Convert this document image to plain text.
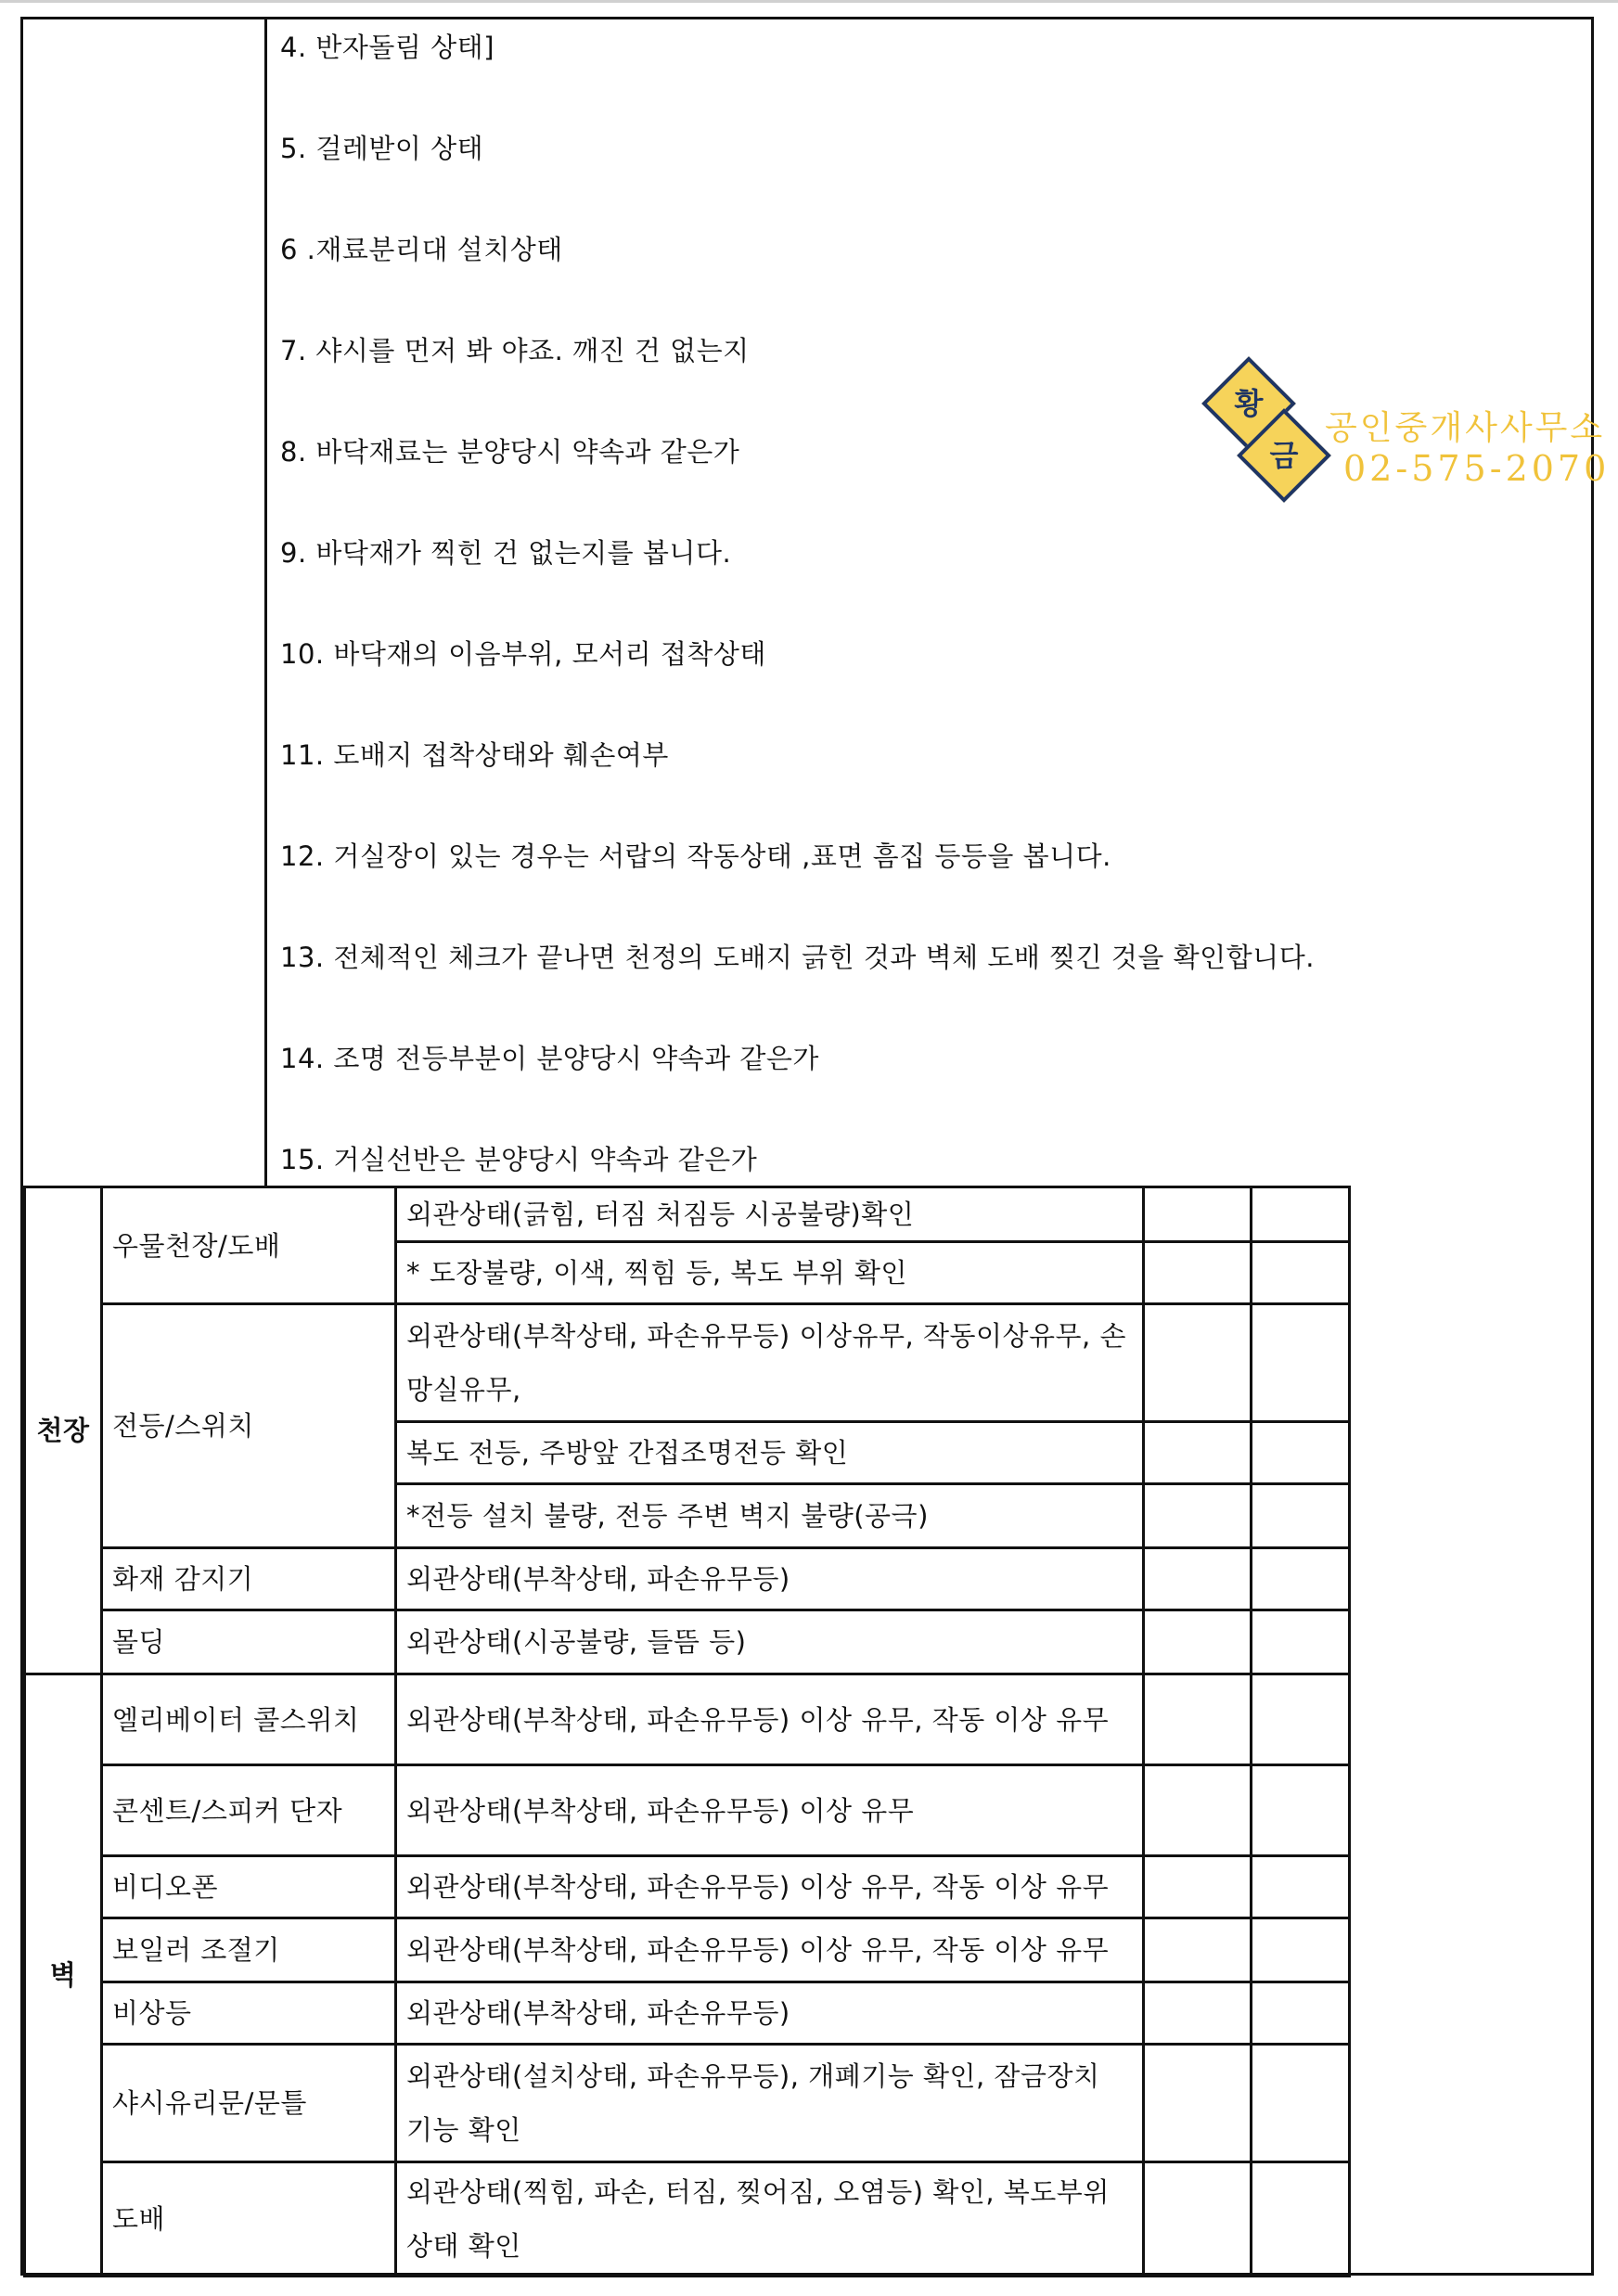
4. 반자돌림 상태]
5. 걸레받이 상태
6 .재료분리대 설치상태
7. 샤시를 먼저 봐 야죠. 깨진 건 없는지
8. 바닥재료는 분양당시 약속과 같은가
9. 바닥재가 찍힌 건 없는지를 봅니다.
10. 바닥재의 이음부위, 모서리 접착상태
11. 도배지 접착상태와 훼손여부
12. 거실장이 있는 경우는 서랍의 작동상태 ,표면 흠집 등등을 봅니다.
13. 전체적인 체크가 끝나면 천정의 도배지 긁힌 것과 벽체 도배 찢긴 것을 확인합니다.
14. 조명 전등부분이 분양당시 약속과 같은가
15. 거실선반은 분양당시 약속과 같은가
황
금
공인중개사사무소
02-575-2070
천장	우물천장/도배	외관상태(긁힘, 터짐 처짐등 시공불량)확인			
		* 도장불량, 이색, 찍힘 등, 복도 부위 확인			
	전등/스위치	외관상태(부착상태, 파손유무등) 이상유무, 작동이상유무, 손망실유무,			
		복도 전등, 주방앞 간접조명전등 확인			
		*전등 설치 불량, 전등 주변 벽지 불량(공극)			
	화재 감지기	외관상태(부착상태, 파손유무등)			
	몰딩	외관상태(시공불량, 들뜸 등)			
벽	엘리베이터 콜스위치	외관상태(부착상태, 파손유무등) 이상 유무, 작동 이상 유무			
	콘센트/스피커 단자	외관상태(부착상태, 파손유무등) 이상 유무			
	비디오폰	외관상태(부착상태, 파손유무등) 이상 유무, 작동 이상 유무			
	보일러 조절기	외관상태(부착상태, 파손유무등) 이상 유무, 작동 이상 유무			
	비상등	외관상태(부착상태, 파손유무등)			
	샤시유리문/문틀	외관상태(설치상태, 파손유무등), 개폐기능 확인, 잠금장치 기능 확인			
	도배	외관상태(찍힘, 파손, 터짐, 찢어짐, 오염등) 확인, 복도부위 상태 확인			
